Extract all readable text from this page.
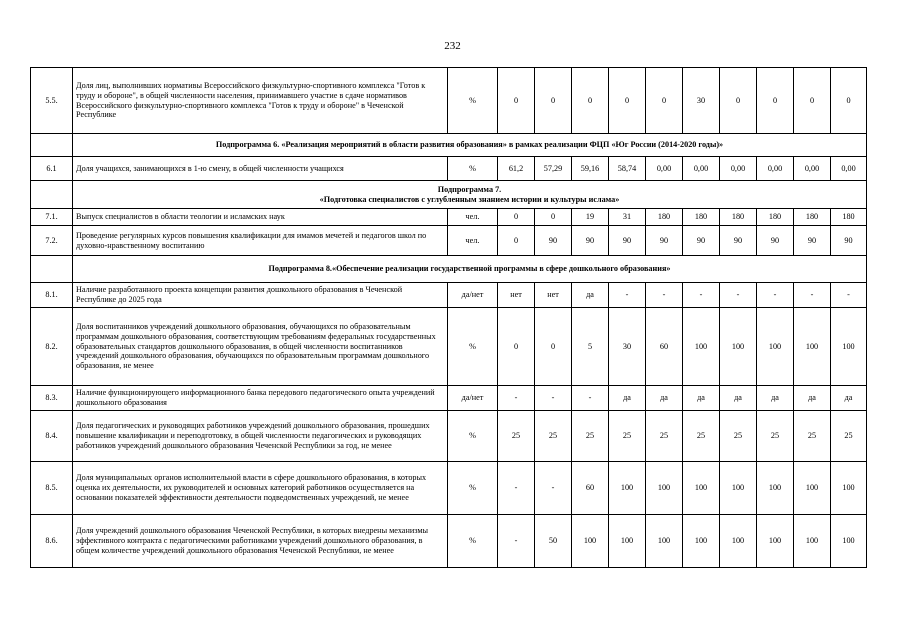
232
5.5.	Доля лиц, выполнивших нормативы Всероссийского физкультурно-спортивного комплекса "Готов к труду и обороне", в общей численности населения, принимавшего участие в сдаче нормативов Всероссийского физкультурно-спортивного комплекса "Готов к труду и обороне" в Чеченской Республике	%	0	0	0	0	0	30	0	0	0	0

	Подпрограмма 6. «Реализация мероприятий в области развития образования» в рамках реализации ФЦП «Юг России (2014-2020 годы)»											

6.1	Доля учащихся, занимающихся в 1-ю смену, в общей численности учащихся	%	61,2	57,29	59,16	58,74	0,00	0,00	0,00	0,00	0,00	0,00

	Подпрограмма 7.
«Подготовка специалистов с углубленным знанием истории и культуры ислама»											

7.1.	Выпуск специалистов в области теологии и исламских наук	чел.	0	0	19	31	180	180	180	180	180	180
7.2.	Проведение регулярных курсов повышения квалификации для имамов мечетей и педагогов школ по духовно-нравственному воспитанию	чел.	0	90	90	90	90	90	90	90	90	90

	Подпрограмма 8.«Обеспечение реализации государственной программы в сфере дошкольного образования»											

8.1.	Наличие разработанного проекта концепции развития дошкольного образования в Чеченской Республике до 2025 года	да/нет	нет	нет	да	-	-	-	-	-	-	-
8.2.	Доля воспитанников учреждений дошкольного образования, обучающихся по образовательным программам дошкольного образования, соответствующим требованиям федеральных государственных образовательных стандартов дошкольного образования, в общей численности воспитанников учреждений дошкольного образования, обучающихся по образовательным программам дошкольного образования, не менее	%	0	0	5	30	60	100	100	100	100	100
8.3.	Наличие функционирующего информационного банка передового педагогического опыта учреждений дошкольного образования	да/нет	-	-	-	да	да	да	да	да	да	да
8.4.	Доля педагогических и руководящих работников учреждений дошкольного образования, прошедших повышение квалификации и переподготовку, в общей численности педагогических и руководящих работников учреждений дошкольного образования Чеченской Республики за год, не менее	%	25	25	25	25	25	25	25	25	25	25
8.5.	Доля муниципальных органов исполнительной власти в сфере дошкольного образования, в которых оценка их деятельности, их руководителей и основных категорий работников осуществляется на основании показателей эффективности деятельности подведомственных учреждений, не менее	%	-	-	60	100	100	100	100	100	100	100
8.6.	Доля учреждений дошкольного образования Чеченской Республики, в которых внедрены механизмы эффективного контракта с педагогическими работниками учреждений дошкольного образования, в общем количестве учреждений дошкольного образования Чеченской Республики, не менее	%	-	50	100	100	100	100	100	100	100	100
